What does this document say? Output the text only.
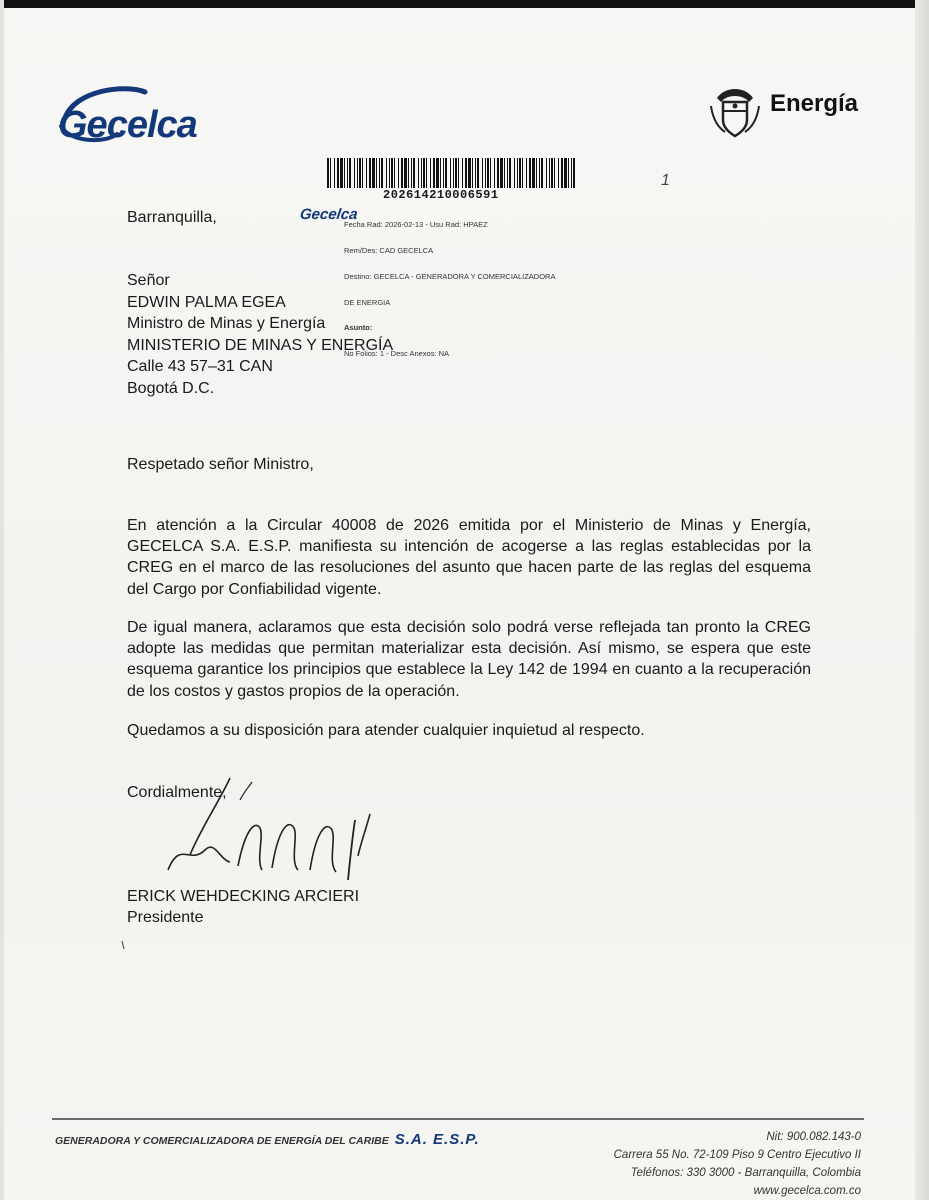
Gecelca
Energía
202614210006591
Gecelca

Fecha Rad: 2026-02-13 - Usu Rad: HPAEZ

Rem/Des: CAD GECELCA

Destino: GECELCA - GENERADORA Y COMERCIALIZADORA

DE ENERGIA

Asunto:

No Folios: 1 - Desc Anexos: NA

1
Barranquilla,
Señor
EDWIN PALMA EGEA
Ministro de Minas y Energía
MINISTERIO DE MINAS Y ENERGÍA
Calle 43 57–31 CAN
Bogotá D.C.
Respetado señor Ministro,
En atención a la Circular 40008 de 2026 emitida por el Ministerio de Minas y Energía, GECELCA S.A. E.S.P. manifiesta su intención de acogerse a las reglas establecidas por la CREG en el marco de las resoluciones del asunto que hacen parte de las reglas del esquema del Cargo por Confiabilidad vigente.
De igual manera, aclaramos que esta decisión solo podrá verse reflejada tan pronto la CREG adopte las medidas que permitan materializar esta decisión. Así mismo, se espera que este esquema garantice los principios que establece la Ley 142 de 1994 en cuanto a la recuperación de los costos y gastos propios de la operación.
Quedamos a su disposición para atender cualquier inquietud al respecto.
Cordialmente,
ERICK WEHDECKING ARCIERI
Presidente
GENERADORA Y COMERCIALIZADORA DE ENERGÍA DEL CARIBE S.A. E.S.P.	Nit: 900.082.143-0
Carrera 55 No. 72-109 Piso 9 Centro Ejecutivo II
Teléfonos: 330 3000 - Barranquilla, Colombia
www.gecelca.com.co
